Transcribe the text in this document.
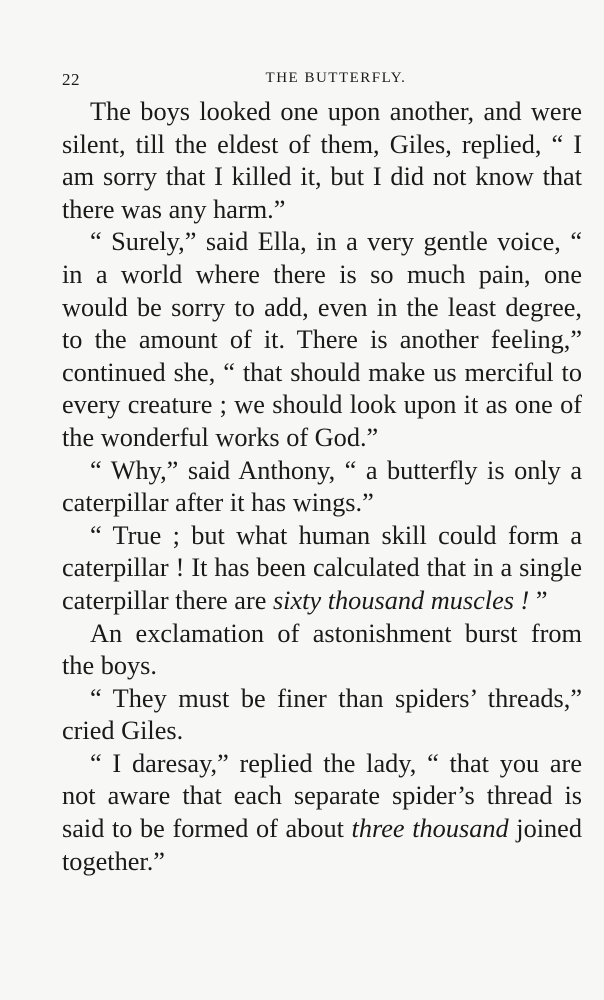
22	THE BUTTERFLY.

The boys looked one upon another, and were silent, till the eldest of them, Giles, replied, “ I am sorry that I killed it, but I did not know that there was any harm.”

“ Surely,” said Ella, in a very gentle voice, “ in a world where there is so much pain, one would be sorry to add, even in the least degree, to the amount of it. There is another feeling,” continued she, “ that should make us merciful to every creature ; we should look upon it as one of the wonderful works of God.”

“ Why,” said Anthony, “ a butterfly is only a caterpillar after it has wings.”

“ True ; but what human skill could form a caterpillar ! It has been calculated that in a single caterpillar there are sixty thousand muscles ! ”

An exclamation of astonishment burst from the boys.

“ They must be finer than spiders’ threads,” cried Giles.

“ I daresay,” replied the lady, “ that you are not aware that each separate spider’s thread is said to be formed of about three thousand joined together.”
